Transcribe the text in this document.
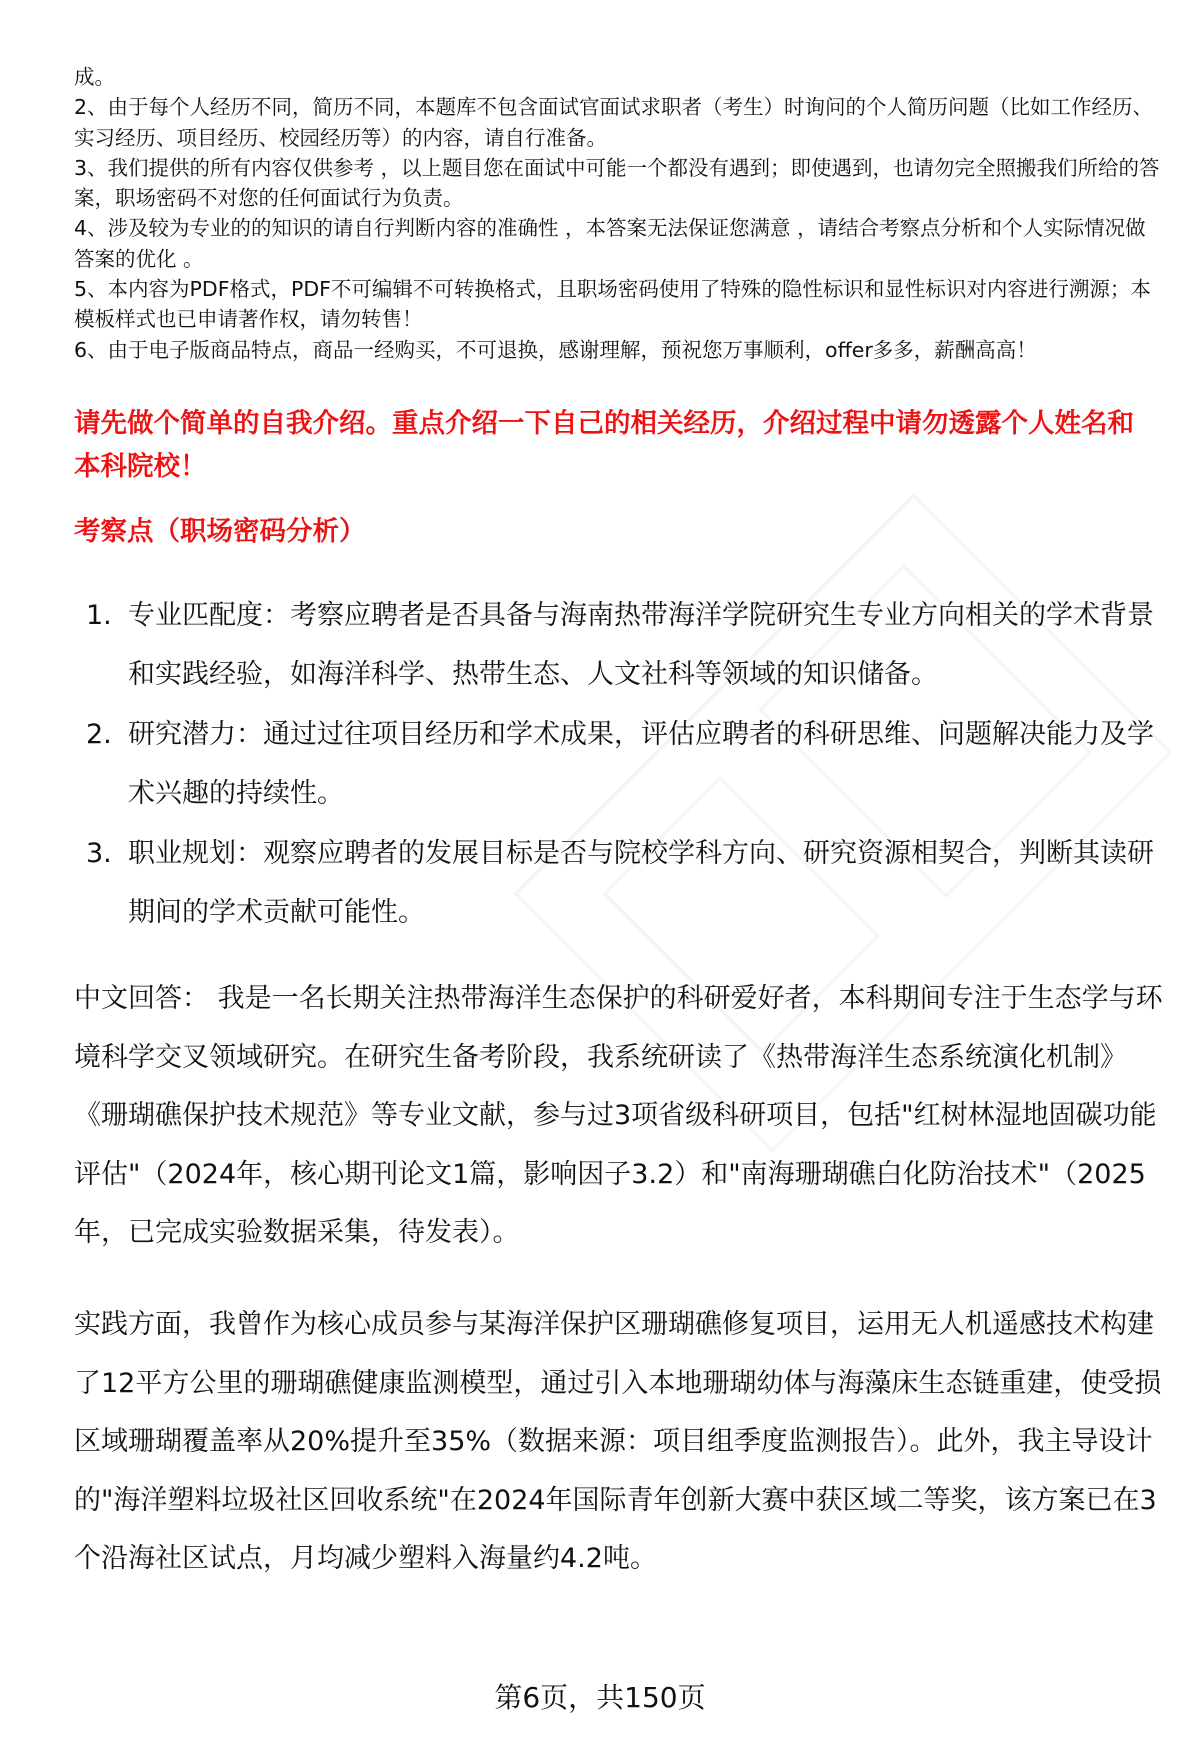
成。
2、由于每个人经历不同，简历不同，本题库不包含面试官面试求职者（考生）时询问的个人简历问题（比如工作经历、实习经历、项目经历、校园经历等）的内容，请自行准备。
3、我们提供的所有内容仅供参考 ，以上题目您在面试中可能一个都没有遇到；即使遇到，也请勿完全照搬我们所给的答案，职场密码不对您的任何面试行为负责。
4、涉及较为专业的的知识的请自行判断内容的准确性 ，本答案无法保证您满意 ，请结合考察点分析和个人实际情况做答案的优化 。
5、本内容为PDF格式，PDF不可编辑不可转换格式，且职场密码使用了特殊的隐性标识和显性标识对内容进行溯源；本模板样式也已申请著作权，请勿转售！
6、由于电子版商品特点，商品一经购买，不可退换，感谢理解，预祝您万事顺利，offer多多，薪酬高高！

请先做个简单的自我介绍。重点介绍一下自己的相关经历，介绍过程中请勿透露个人姓名和本科院校！

考察点（职场密码分析）

1. 专业匹配度：考察应聘者是否具备与海南热带海洋学院研究生专业方向相关的学术背景和实践经验，如海洋科学、热带生态、人文社科等领域的知识储备。
2. 研究潜力：通过过往项目经历和学术成果，评估应聘者的科研思维、问题解决能力及学术兴趣的持续性。
3. 职业规划：观察应聘者的发展目标是否与院校学科方向、研究资源相契合，判断其读研期间的学术贡献可能性。

中文回答： 我是一名长期关注热带海洋生态保护的科研爱好者，本科期间专注于生态学与环境科学交叉领域研究。在研究生备考阶段，我系统研读了《热带海洋生态系统演化机制》《珊瑚礁保护技术规范》等专业文献，参与过3项省级科研项目，包括"红树林湿地固碳功能评估"（2024年，核心期刊论文1篇，影响因子3.2）和"南海珊瑚礁白化防治技术"（2025年，已完成实验数据采集，待发表）。

实践方面，我曾作为核心成员参与某海洋保护区珊瑚礁修复项目，运用无人机遥感技术构建了12平方公里的珊瑚礁健康监测模型，通过引入本地珊瑚幼体与海藻床生态链重建，使受损区域珊瑚覆盖率从20%提升至35%（数据来源：项目组季度监测报告）。此外，我主导设计的"海洋塑料垃圾社区回收系统"在2024年国际青年创新大赛中获区域二等奖，该方案已在3个沿海社区试点，月均减少塑料入海量约4.2吨。

第6页，共150页
